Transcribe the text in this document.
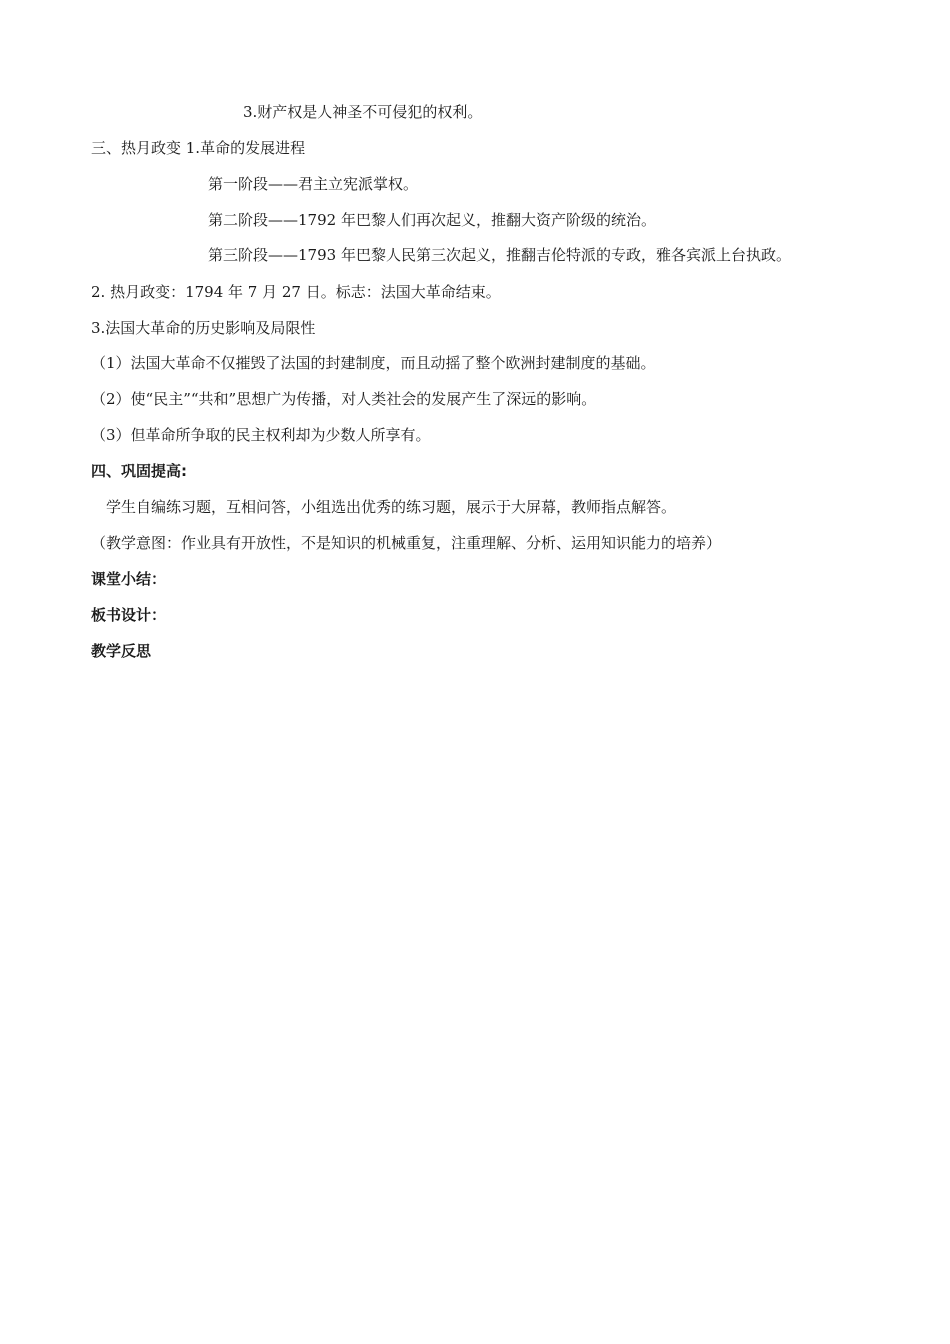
3.财产权是人神圣不可侵犯的权利。
三、热月政变 1.革命的发展进程
第一阶段——君主立宪派掌权。
第二阶段——1792 年巴黎人们再次起义，推翻大资产阶级的统治。
第三阶段——1793 年巴黎人民第三次起义，推翻吉伦特派的专政，雅各宾派上台执政。
2. 热月政变：1794 年 7 月 27 日。标志：法国大革命结束。
3.法国大革命的历史影响及局限性
（1）法国大革命不仅摧毁了法国的封建制度，而且动摇了整个欧洲封建制度的基础。
（2）使“民主”“共和”思想广为传播，对人类社会的发展产生了深远的影响。
（3）但革命所争取的民主权利却为少数人所享有。
四、巩固提高:
学生自编练习题，互相问答，小组选出优秀的练习题，展示于大屏幕，教师指点解答。
（教学意图：作业具有开放性，不是知识的机械重复，注重理解、分析、运用知识能力的培养）
课堂小结：
板书设计：
教学反思
